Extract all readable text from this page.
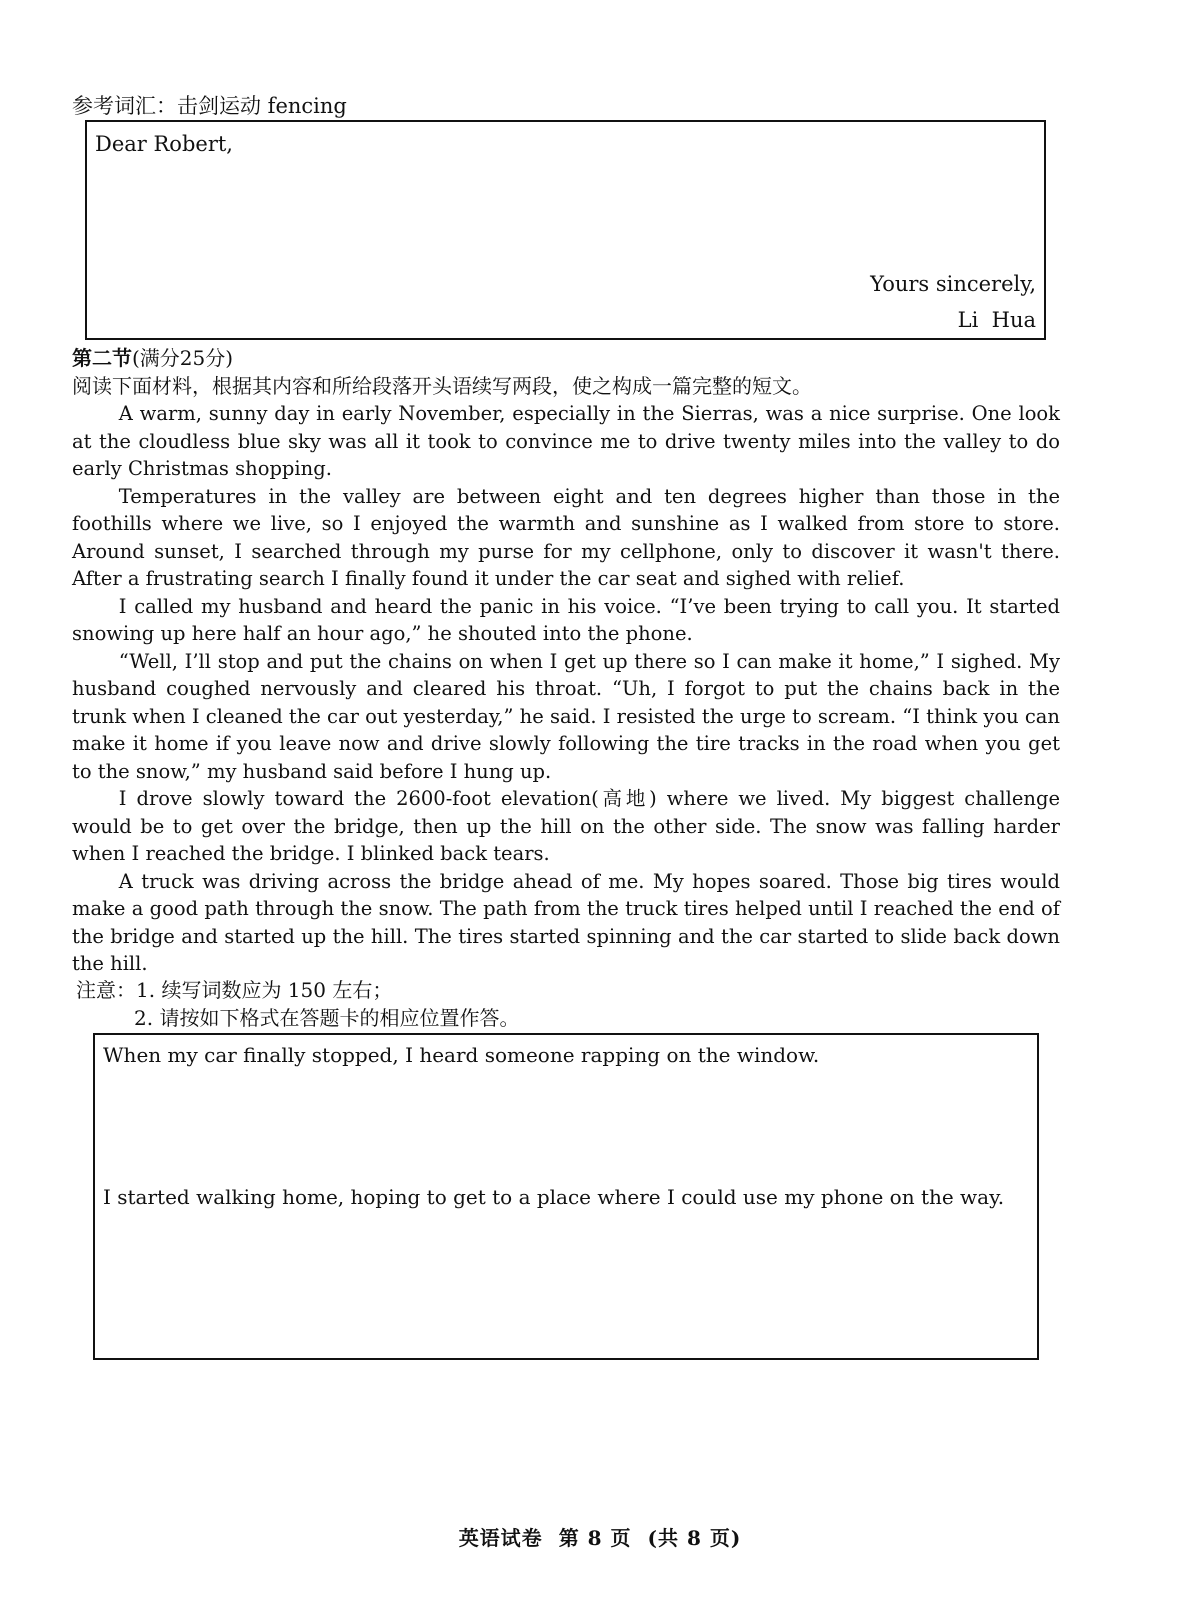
参考词汇：击剑运动 fencing
Dear Robert,
Yours sincerely,
Li  Hua
第二节(满分25分)
阅读下面材料，根据其内容和所给段落开头语续写两段，使之构成一篇完整的短文。

A warm, sunny day in early November, especially in the Sierras, was a nice surprise. One look at the cloudless blue sky was all it took to convince me to drive twenty miles into the valley to do early Christmas shopping.

Temperatures in the valley are between eight and ten degrees higher than those in the foothills where we live, so I enjoyed the warmth and sunshine as I walked from store to store. Around sunset, I searched through my purse for my cellphone, only to discover it wasn't there. After a frustrating search I finally found it under the car seat and sighed with relief.

I called my husband and heard the panic in his voice. “I’ve been trying to call you. It started snowing up here half an hour ago,” he shouted into the phone.

“Well, I’ll stop and put the chains on when I get up there so I can make it home,” I sighed. My husband coughed nervously and cleared his throat. “Uh, I forgot to put the chains back in the trunk when I cleaned the car out yesterday,” he said. I resisted the urge to scream. “I think you can make it home if you leave now and drive slowly following the tire tracks in the road when you get to the snow,” my husband said before I hung up.

I drove slowly toward the 2600-foot elevation(高地) where we lived. My biggest challenge would be to get over the bridge, then up the hill on the other side. The snow was falling harder when I reached the bridge. I blinked back tears.

A truck was driving across the bridge ahead of me. My hopes soared. Those big tires would make a good path through the snow. The path from the truck tires helped until I reached the end of the bridge and started up the hill. The tires started spinning and the car started to slide back down the hill.

注意：1. 续写词数应为 150 左右；
2. 请按如下格式在答题卡的相应位置作答。
When my car finally stopped, I heard someone rapping on the window.
I started walking home, hoping to get to a place where I could use my phone on the way.
英语试卷 第 8 页 (共 8 页)
